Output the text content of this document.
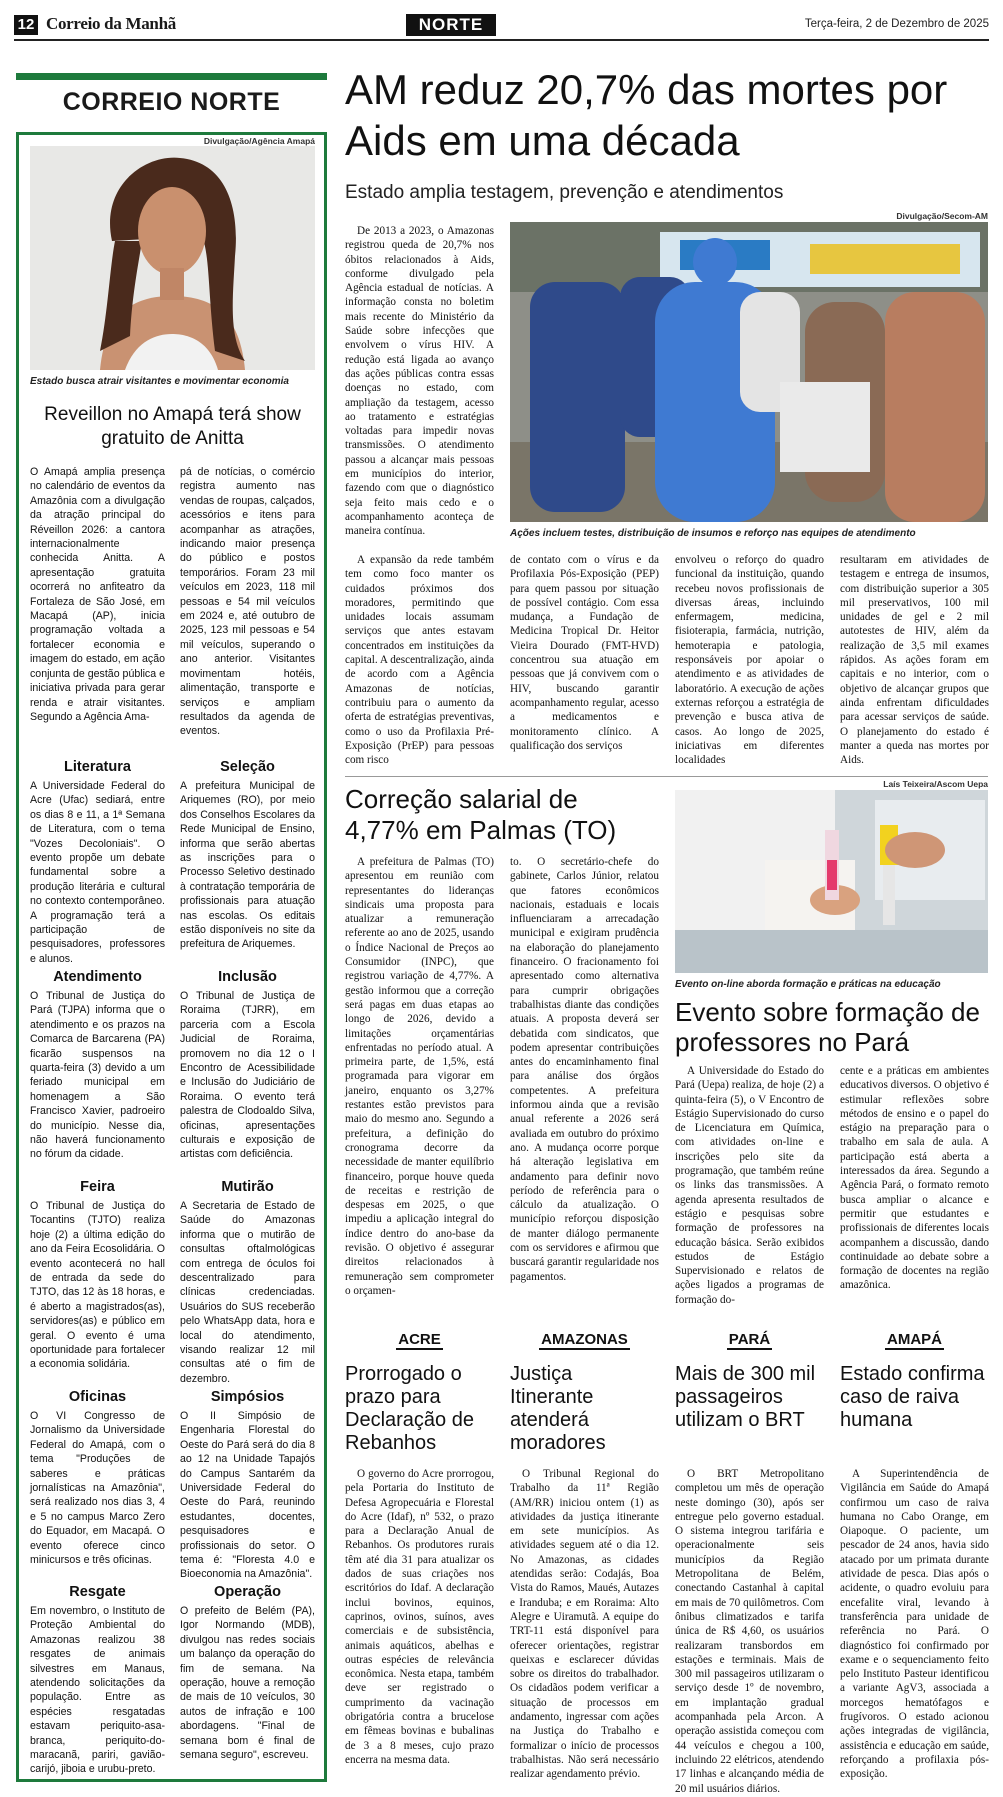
12 Correio da Manhã	NORTE	Terça-feira, 2 de Dezembro de 2025
CORREIO NORTE
Divulgação/Agência Amapá
Estado busca atrair visitantes e movimentar economia
Reveillon no Amapá terá show gratuito de Anitta
O Amapá amplia presença no calendário de eventos da Amazônia com a divulgação da atração principal do Réveillon 2026: a cantora internacionalmente conhecida Anitta. A apresentação gratuita ocorrerá no anfiteatro da Fortaleza de São José, em Macapá (AP), inicia programação voltada a fortalecer economia e imagem do estado, em ação conjunta de gestão pública e iniciativa privada para gerar renda e atrair visitantes. Segundo a Agência Ama-
pá de notícias, o comércio registra aumento nas vendas de roupas, calçados, acessórios e itens para acompanhar as atrações, indicando maior presença do público e postos temporários. Foram 23 mil veículos em 2023, 118 mil pessoas e 54 mil veículos em 2024 e, até outubro de 2025, 123 mil pessoas e 54 mil veículos, superando o ano anterior. Visitantes movimentam hotéis, alimentação, transporte e serviços e ampliam resultados da agenda de eventos.
Literatura
A Universidade Federal do Acre (Ufac) sediará, entre os dias 8 e 11, a 1ª Semana de Literatura, com o tema "Vozes Decoloniais". O evento propõe um debate fundamental sobre a produção literária e cultural no contexto contemporâneo. A programação terá a participação de pesquisadores, professores e alunos.
Seleção
A prefeitura Municipal de Ariquemes (RO), por meio dos Conselhos Escolares da Rede Municipal de Ensino, informa que serão abertas as inscrições para o Processo Seletivo destinado à contratação temporária de profissionais para atuação nas escolas. Os editais estão disponíveis no site da prefeitura de Ariquemes.
Atendimento
O Tribunal de Justiça do Pará (TJPA) informa que o atendimento e os prazos na Comarca de Barcarena (PA) ficarão suspensos na quarta-feira (3) devido a um feriado municipal em homenagem a São Francisco Xavier, padroeiro do município. Nesse dia, não haverá funcionamento no fórum da cidade.
Inclusão
O Tribunal de Justiça de Roraima (TJRR), em parceria com a Escola Judicial de Roraima, promovem no dia 12 o I Encontro de Acessibilidade e Inclusão do Judiciário de Roraima. O evento terá palestra de Clodoaldo Silva, oficinas, apresentações culturais e exposição de artistas com deficiência.
Feira
O Tribunal de Justiça do Tocantins (TJTO) realiza hoje (2) a última edição do ano da Feira Ecosolidária. O evento acontecerá no hall de entrada da sede do TJTO, das 12 às 18 horas, e é aberto a magistrados(as), servidores(as) e público em geral. O evento é uma oportunidade para fortalecer a economia solidária.
Mutirão
A Secretaria de Estado de Saúde do Amazonas informa que o mutirão de consultas oftalmológicas com entrega de óculos foi descentralizado para clínicas credenciadas. Usuários do SUS receberão pelo WhatsApp data, hora e local do atendimento, visando realizar 12 mil consultas até o fim de dezembro.
Oficinas
O VI Congresso de Jornalismo da Universidade Federal do Amapá, com o tema "Produções de saberes e práticas jornalísticas na Amazônia", será realizado nos dias 3, 4 e 5 no campus Marco Zero do Equador, em Macapá. O evento oferece cinco minicursos e três oficinas.
Simpósios
O II Simpósio de Engenharia Florestal do Oeste do Pará será do dia 8 ao 12 na Unidade Tapajós do Campus Santarém da Universidade Federal do Oeste do Pará, reunindo estudantes, docentes, pesquisadores e profissionais do setor. O tema é: "Floresta 4.0 e Bioeconomia na Amazônia".
Resgate
Em novembro, o Instituto de Proteção Ambiental do Amazonas realizou 38 resgates de animais silvestres em Manaus, atendendo solicitações da população. Entre as espécies resgatadas estavam periquito-asa-branca, periquito-do-maracanã, pariri, gavião-carijó, jiboia e urubu-preto.
Operação
O prefeito de Belém (PA), Igor Normando (MDB), divulgou nas redes sociais um balanço da operação do fim de semana. Na operação, houve a remoção de mais de 10 veículos, 30 autos de infração e 100 abordagens. "Final de semana bom é final de semana seguro", escreveu.
AM reduz 20,7% das mortes por Aids em uma década
Estado amplia testagem, prevenção e atendimentos
De 2013 a 2023, o Amazonas registrou queda de 20,7% nos óbitos relacionados à Aids, conforme divulgado pela Agência estadual de notícias. A informação consta no boletim mais recente do Ministério da Saúde sobre infecções que envolvem o vírus HIV. A redução está ligada ao avanço das ações públicas contra essas doenças no estado, com ampliação da testagem, acesso ao tratamento e estratégias voltadas para impedir novas transmissões. O atendimento passou a alcançar mais pessoas em municípios do interior, fazendo com que o diagnóstico seja feito mais cedo e o acompanhamento aconteça de maneira contínua.
Divulgação/Secom-AM
Ações incluem testes, distribuição de insumos e reforço nas equipes de atendimento
A expansão da rede também tem como foco manter os cuidados próximos dos moradores, permitindo que unidades locais assumam serviços que antes estavam concentrados em instituições da capital. A descentralização, ainda de acordo com a Agência Amazonas de notícias, contribuiu para o aumento da oferta de estratégias preventivas, como o uso da Profilaxia Pré-Exposição (PrEP) para pessoas com risco
de contato com o vírus e da Profilaxia Pós-Exposição (PEP) para quem passou por situação de possível contágio. Com essa mudança, a Fundação de Medicina Tropical Dr. Heitor Vieira Dourado (FMT-HVD) concentrou sua atuação em pessoas que já convivem com o HIV, buscando garantir acompanhamento regular, acesso a medicamentos e monitoramento clínico. A qualificação dos serviços
envolveu o reforço do quadro funcional da instituição, quando recebeu novos profissionais de diversas áreas, incluindo enfermagem, medicina, fisioterapia, farmácia, nutrição, hemoterapia e patologia, responsáveis por apoiar o atendimento e as atividades de laboratório. A execução de ações externas reforçou a estratégia de prevenção e busca ativa de casos. Ao longo de 2025, iniciativas em diferentes localidades
resultaram em atividades de testagem e entrega de insumos, com distribuição superior a 305 mil preservativos, 100 mil unidades de gel e 2 mil autotestes de HIV, além da realização de 3,5 mil exames rápidos. As ações foram em capitais e no interior, com o objetivo de alcançar grupos que ainda enfrentam dificuldades para acessar serviços de saúde. O planejamento do estado é manter a queda nas mortes por Aids.
Correção salarial de 4,77% em Palmas (TO)
A prefeitura de Palmas (TO) apresentou em reunião com representantes do lideranças sindicais uma proposta para atualizar a remuneração referente ao ano de 2025, usando o Índice Nacional de Preços ao Consumidor (INPC), que registrou variação de 4,77%. A gestão informou que a correção será pagas em duas etapas ao longo de 2026, devido a limitações orçamentárias enfrentadas no período atual. A primeira parte, de 1,5%, está programada para vigorar em janeiro, enquanto os 3,27% restantes estão previstos para maio do mesmo ano. Segundo a prefeitura, a definição do cronograma decorre da necessidade de manter equilíbrio financeiro, porque houve queda de receitas e restrição de despesas em 2025, o que impediu a aplicação integral do índice dentro do ano-base da revisão. O objetivo é assegurar direitos relacionados à remuneração sem comprometer o orçamen-
to. O secretário-chefe do gabinete, Carlos Júnior, relatou que fatores econômicos nacionais, estaduais e locais influenciaram a arrecadação municipal e exigiram prudência na elaboração do planejamento financeiro. O fracionamento foi apresentado como alternativa para cumprir obrigações trabalhistas diante das condições atuais. A proposta deverá ser debatida com sindicatos, que podem apresentar contribuições antes do encaminhamento final para análise dos órgãos competentes. A prefeitura informou ainda que a revisão anual referente a 2026 será avaliada em outubro do próximo ano. A mudança ocorre porque há alteração legislativa em andamento para definir novo período de referência para o cálculo da atualização. O município reforçou disposição de manter diálogo permanente com os servidores e afirmou que buscará garantir regularidade nos pagamentos.
Laís Teixeira/Ascom Uepa
Evento on-line aborda formação e práticas na educação
Evento sobre formação de professores no Pará
A Universidade do Estado do Pará (Uepa) realiza, de hoje (2) a quinta-feira (5), o V Encontro de Estágio Supervisionado do curso de Licenciatura em Química, com atividades on-line e inscrições pelo site da programação, que também reúne os links das transmissões. A agenda apresenta resultados de estágio e pesquisas sobre formação de professores na educação básica. Serão exibidos estudos de Estágio Supervisionado e relatos de ações ligados a programas de formação do-
cente e a práticas em ambientes educativos diversos. O objetivo é estimular reflexões sobre métodos de ensino e o papel do estágio na preparação para o trabalho em sala de aula. A participação está aberta a interessados da área. Segundo a Agência Pará, o formato remoto busca ampliar o alcance e permitir que estudantes e profissionais de diferentes locais acompanhem a discussão, dando continuidade ao debate sobre a formação de docentes na região amazônica.
ACRE
Prorrogado o prazo para Declaração de Rebanhos
O governo do Acre prorrogou, pela Portaria do Instituto de Defesa Agropecuária e Florestal do Acre (Idaf), nº 532, o prazo para a Declaração Anual de Rebanhos. Os produtores rurais têm até dia 31 para atualizar os dados de suas criações nos escritórios do Idaf. A declaração inclui bovinos, equinos, caprinos, ovinos, suínos, aves comerciais e de subsistência, animais aquáticos, abelhas e outras espécies de relevância econômica. Nesta etapa, também deve ser registrado o cumprimento da vacinação obrigatória contra a brucelose em fêmeas bovinas e bubalinas de 3 a 8 meses, cujo prazo encerra na mesma data.
AMAZONAS
Justiça Itinerante atenderá moradores
O Tribunal Regional do Trabalho da 11ª Região (AM/RR) iniciou ontem (1) as atividades da justiça itinerante em sete municípios. As atividades seguem até o dia 12. No Amazonas, as cidades atendidas serão: Codajás, Boa Vista do Ramos, Maués, Autazes e Iranduba; e em Roraima: Alto Alegre e Uiramutã. A equipe do TRT-11 está disponível para oferecer orientações, registrar queixas e esclarecer dúvidas sobre os direitos do trabalhador. Os cidadãos podem verificar a situação de processos em andamento, ingressar com ações na Justiça do Trabalho e formalizar o início de processos trabalhistas. Não será necessário realizar agendamento prévio.
PARÁ
Mais de 300 mil passageiros utilizam o BRT
O BRT Metropolitano completou um mês de operação neste domingo (30), após ser entregue pelo governo estadual. O sistema integrou tarifária e operacionalmente seis municípios da Região Metropolitana de Belém, conectando Castanhal à capital em mais de 70 quilômetros. Com ônibus climatizados e tarifa única de R$ 4,60, os usuários realizaram transbordos em estações e terminais. Mais de 300 mil passageiros utilizaram o serviço desde 1º de novembro, em implantação gradual acompanhada pela Arcon. A operação assistida começou com 44 veículos e chegou a 100, incluindo 22 elétricos, atendendo 17 linhas e alcançando média de 20 mil usuários diários.
AMAPÁ
Estado confirma caso de raiva humana
A Superintendência de Vigilância em Saúde do Amapá confirmou um caso de raiva humana no Cabo Orange, em Oiapoque. O paciente, um pescador de 24 anos, havia sido atacado por um primata durante atividade de pesca. Dias após o acidente, o quadro evoluiu para encefalite viral, levando à transferência para unidade de referência no Pará. O diagnóstico foi confirmado por exame e o sequenciamento feito pelo Instituto Pasteur identificou a variante AgV3, associada a morcegos hematófagos e frugívoros. O estado acionou ações integradas de vigilância, assistência e educação em saúde, reforçando a profilaxia pós-exposição.
